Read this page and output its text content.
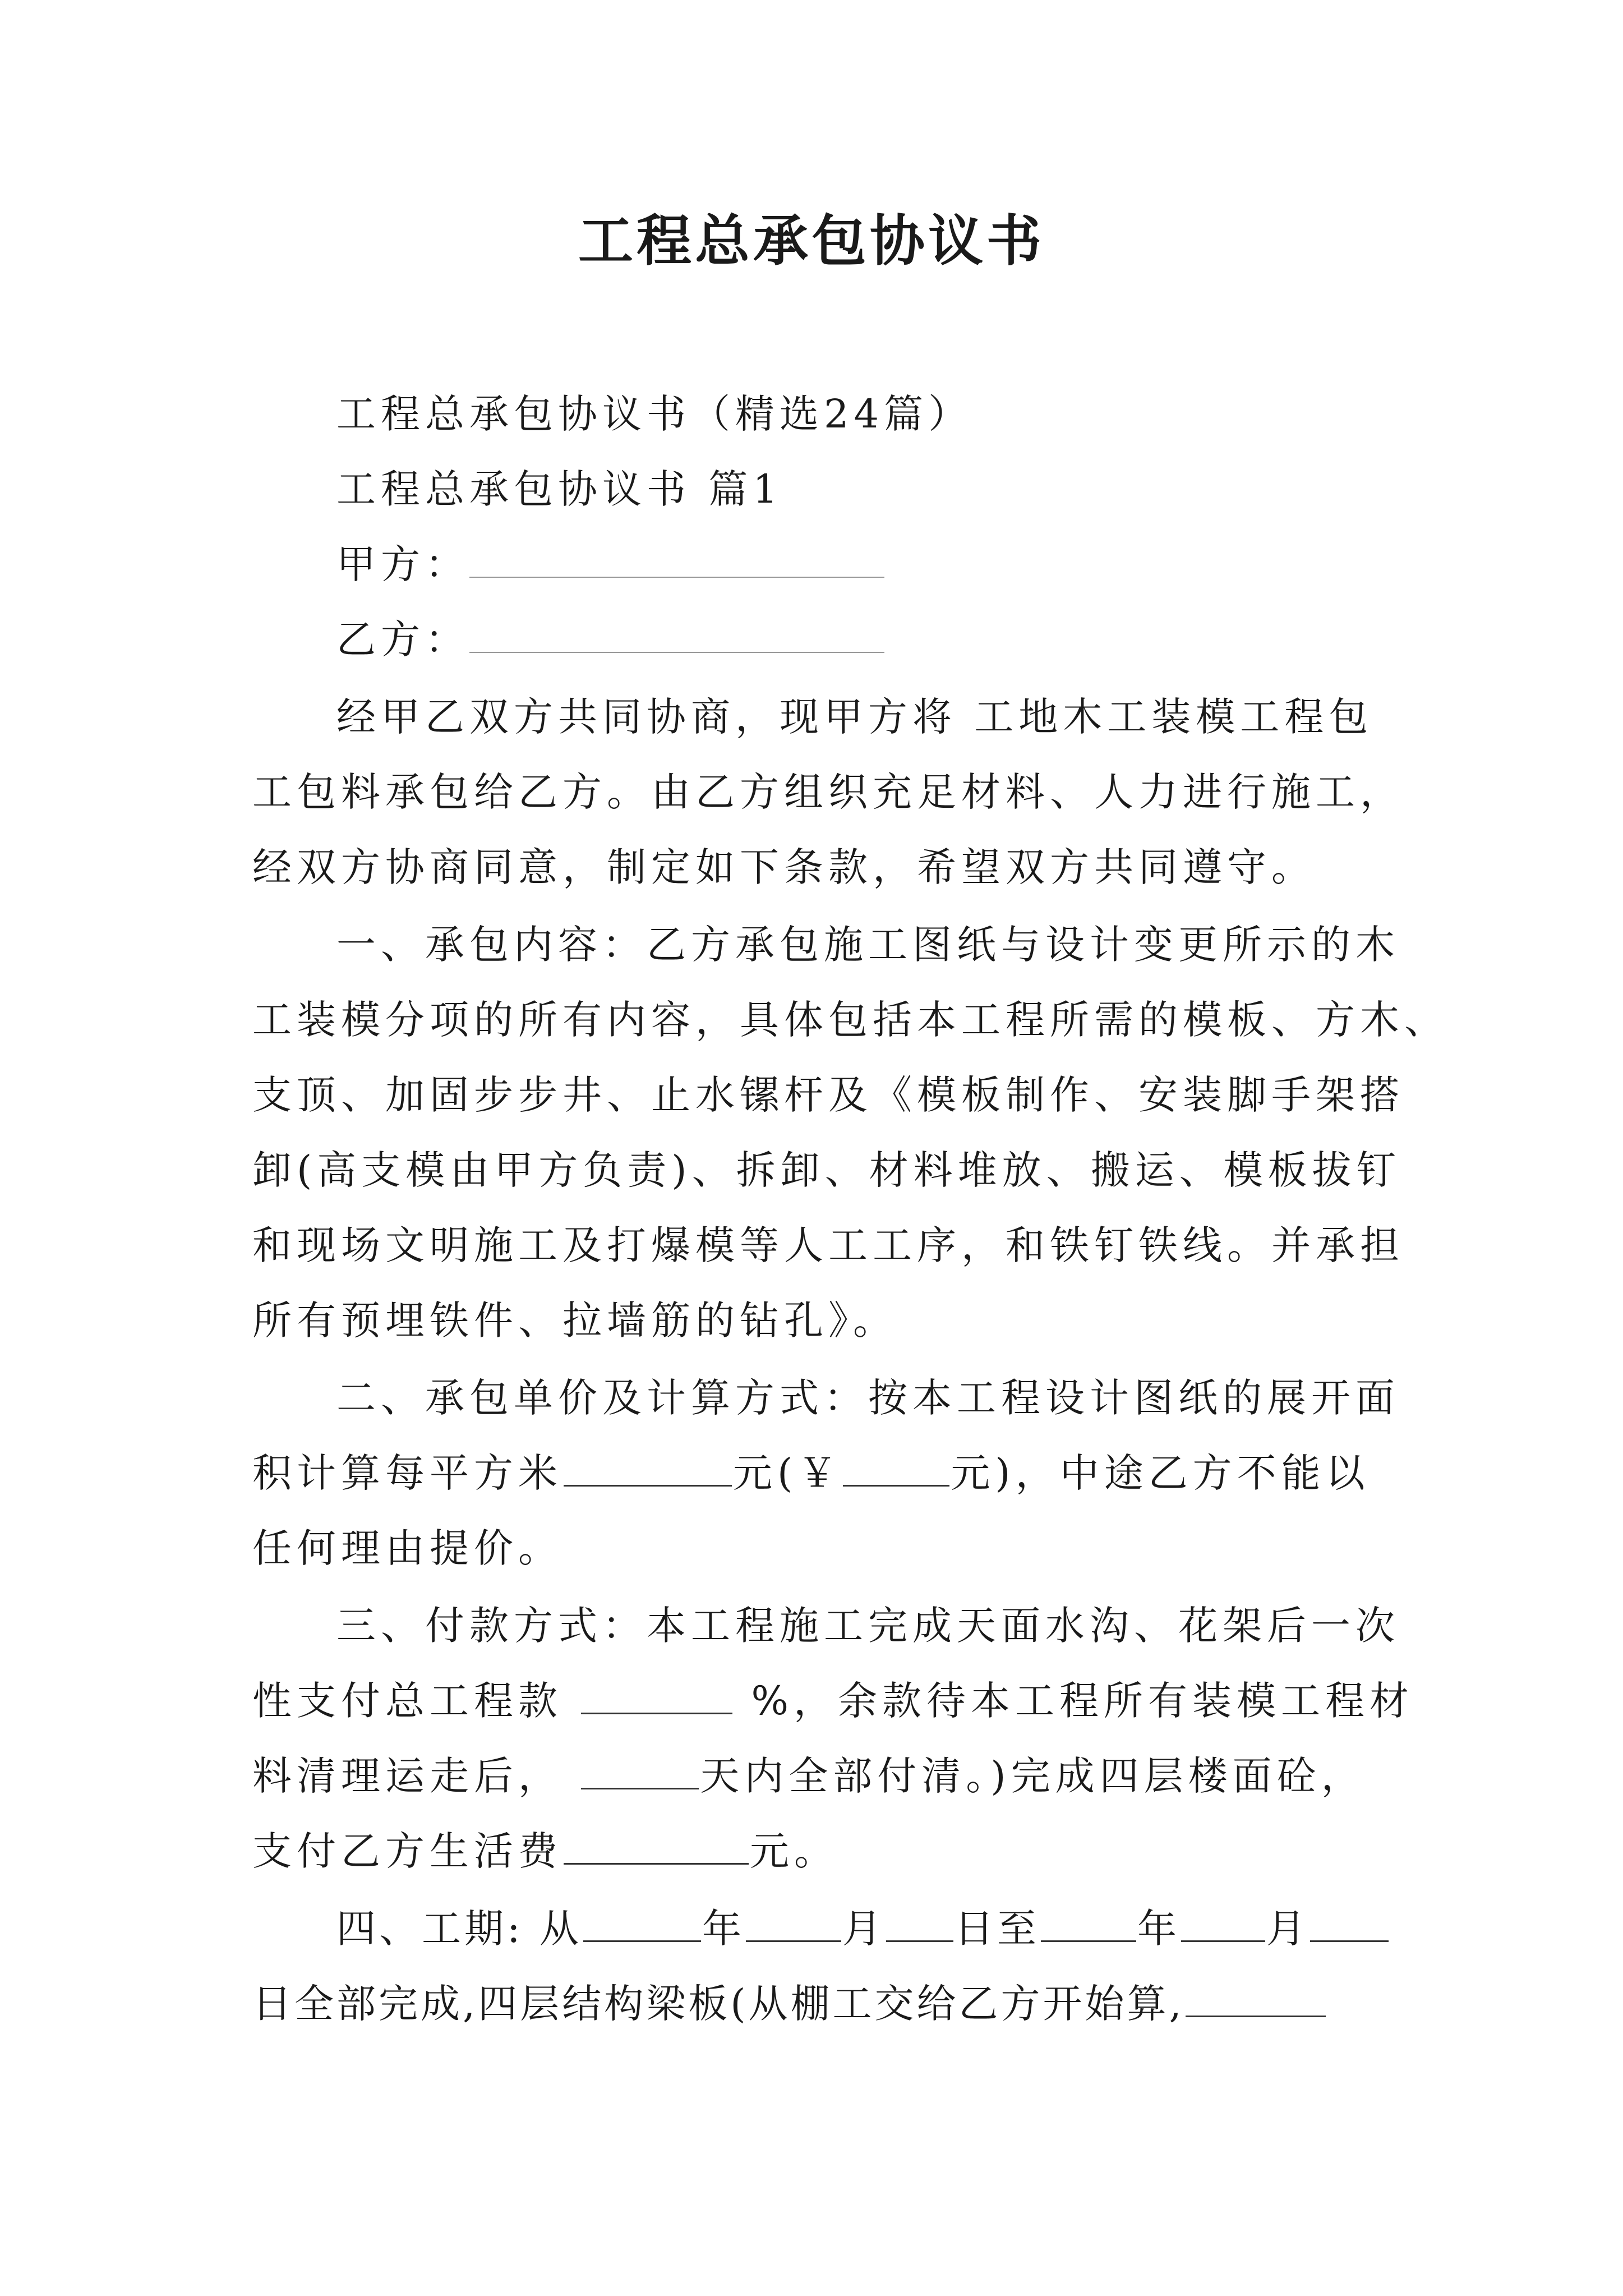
工程总承包协议书
工程总承包协议书（精选24篇）
工程总承包协议书 篇1
甲方：
乙方：
经甲乙双方共同协商，现甲方将 工地木工装模工程包
工包料承包给乙方。由乙方组织充足材料、人力进行施工，
经双方协商同意，制定如下条款，希望双方共同遵守。
一、承包内容：乙方承包施工图纸与设计变更所示的木
工装模分项的所有内容，具体包括本工程所需的模板、方木、
支顶、加固步步井、止水镙杆及《模板制作、安装脚手架搭
卸(高支模由甲方负责)、拆卸、材料堆放、搬运、模板拔钉
和现场文明施工及打爆模等人工工序，和铁钉铁线。并承担
所有预埋铁件、拉墙筋的钻孔》。
二、承包单价及计算方式：按本工程设计图纸的展开面
积计算每平方米	元(￥	元)，中途乙方不能以
任何理由提价。
三、付款方式：本工程施工完成天面水沟、花架后一次
性支付总工程款	%，余款待本工程所有装模工程材
料清理运走后，	天内全部付清。)完成四层楼面砼，
支付乙方生活费	元。
四、工期: 从	年 月 日至 年 月
日全部完成,四层结构梁板(从棚工交给乙方开始算,
